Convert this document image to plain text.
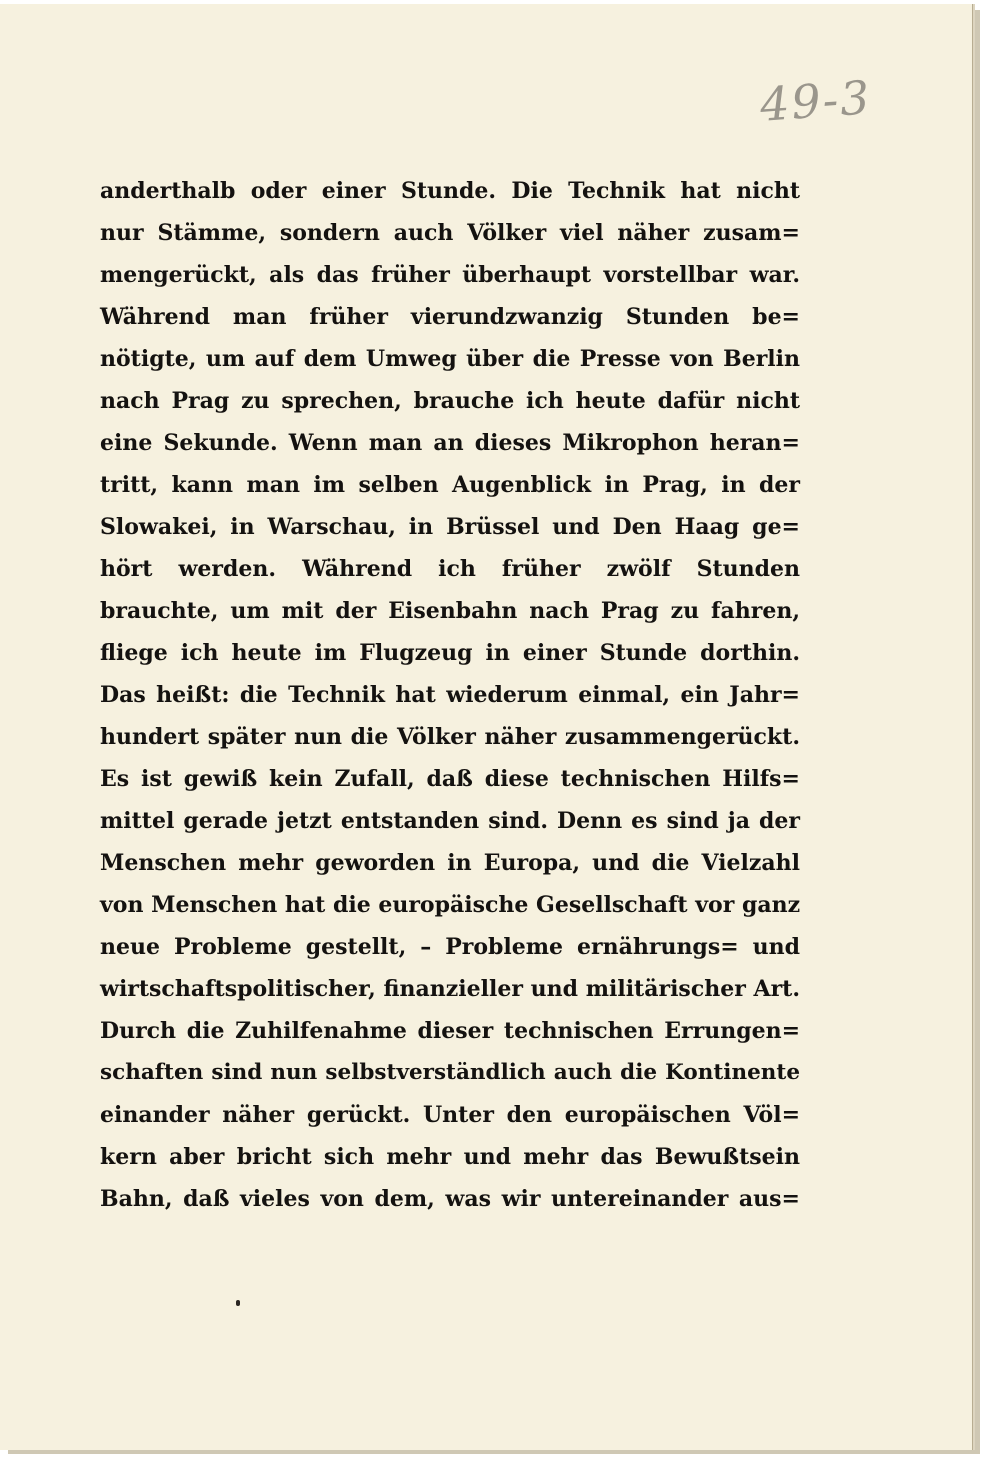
49-3
anderthalb oder einer Stunde. Die Technik hat nicht
nur Stämme, sondern auch Völker viel näher zusam=
mengerückt, als das früher überhaupt vorstellbar war.
Während man früher vierundzwanzig Stunden be=
nötigte, um auf dem Umweg über die Presse von Berlin
nach Prag zu sprechen, brauche ich heute dafür nicht
eine Sekunde. Wenn man an dieses Mikrophon heran=
tritt, kann man im selben Augenblick in Prag, in der
Slowakei, in Warschau, in Brüssel und Den Haag ge=
hört werden. Während ich früher zwölf Stunden
brauchte, um mit der Eisenbahn nach Prag zu fahren,
fliege ich heute im Flugzeug in einer Stunde dorthin.
Das heißt: die Technik hat wiederum einmal, ein Jahr=
hundert später nun die Völker näher zusammengerückt.
Es ist gewiß kein Zufall, daß diese technischen Hilfs=
mittel gerade jetzt entstanden sind. Denn es sind ja der
Menschen mehr geworden in Europa, und die Vielzahl
von Menschen hat die europäische Gesellschaft vor ganz
neue Probleme gestellt, – Probleme ernährungs= und
wirtschaftspolitischer, finanzieller und militärischer Art.
Durch die Zuhilfenahme dieser technischen Errungen=
schaften sind nun selbstverständlich auch die Kontinente
einander näher gerückt. Unter den europäischen Völ=
kern aber bricht sich mehr und mehr das Bewußtsein
Bahn, daß vieles von dem, was wir untereinander aus=
